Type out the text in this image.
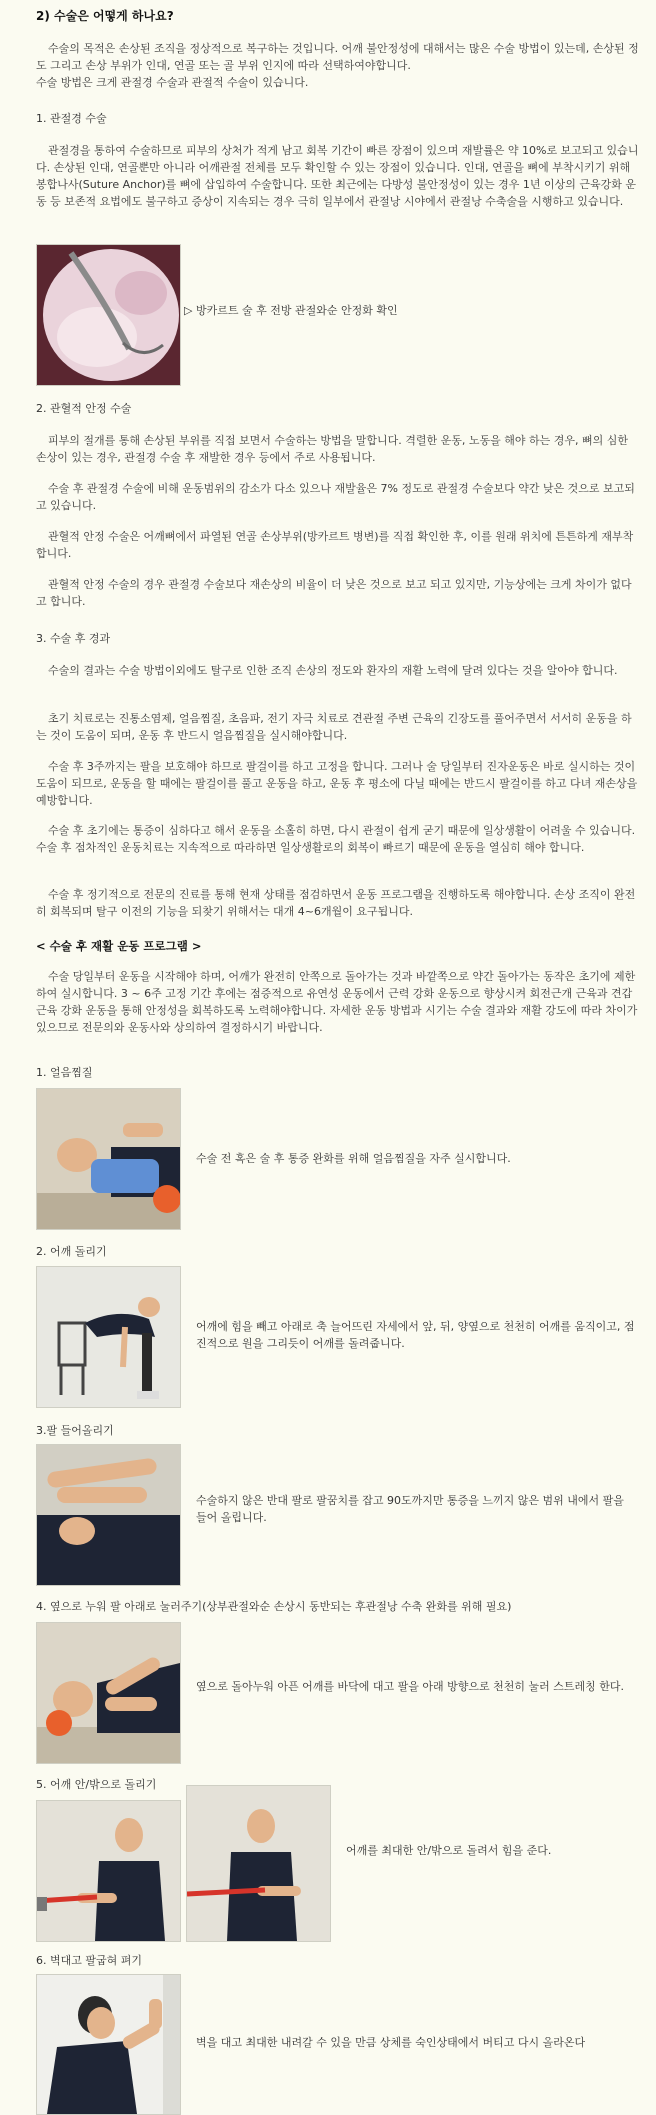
2) 수술은 어떻게 하나요?

수술의 목적은 손상된 조직을 정상적으로 복구하는 것입니다. 어깨 불안정성에 대해서는 많은 수술 방법이 있는데, 손상된 정도 그리고 손상 부위가 인대, 연골 또는 골 부위 인지에 따라 선택하여야합니다.

수술 방법은 크게 관절경 수술과 관절적 수술이 있습니다.

1. 관절경 수술

관절경을 통하여 수술하므로 피부의 상처가 적게 남고 회복 기간이 빠른 장점이 있으며 재발률은 약 10%로 보고되고 있습니다. 손상된 인대, 연골뿐만 아니라 어깨관절 전체를 모두 확인할 수 있는 장점이 있습니다. 인대, 연골을 뼈에 부착시키기 위해 봉합나사(Suture Anchor)를 뼈에 삽입하여 수술합니다. 또한 최근에는 다방성 불안정성이 있는 경우 1년 이상의 근육강화 운동 등 보존적 요법에도 불구하고 증상이 지속되는 경우 극히 일부에서 관절낭 시야에서 관절낭 수축술을 시행하고 있습니다.

▷ 방카르트 술 후 전방 관절와순 안정화 확인
2. 관혈적 안정 수술

피부의 절개를 통해 손상된 부위를 직접 보면서 수술하는 방법을 말합니다. 격렬한 운동, 노동을 해야 하는 경우, 뼈의 심한 손상이 있는 경우, 관절경 수술 후 재발한 경우 등에서 주로 사용됩니다.

수술 후 관절경 수술에 비해 운동범위의 감소가 다소 있으나 재발율은 7% 정도로 관절경 수술보다 약간 낮은 것으로 보고되고 있습니다.

관혈적 안정 수술은 어깨뼈에서 파열된 연골 손상부위(방카르트 병변)를 직접 확인한 후, 이를 원래 위치에 튼튼하게 재부착 합니다.

관혈적 안정 수술의 경우 관절경 수술보다 재손상의 비율이 더 낮은 것으로 보고 되고 있지만, 기능상에는 크게 차이가 없다고 합니다.

3. 수술 후 경과

수술의 결과는 수술 방법이외에도 탈구로 인한 조직 손상의 정도와 환자의 재활 노력에 달려 있다는 것을 알아야 합니다.

초기 치료로는 진통소염제, 얼음찜질, 초음파, 전기 자극 치료로 견관절 주변 근육의 긴장도를 풀어주면서 서서히 운동을 하는 것이 도움이 되며, 운동 후 반드시 얼음찜질을 실시해야합니다.

수술 후 3주까지는 팔을 보호해야 하므로 팔걸이를 하고 고정을 합니다. 그러나 술 당일부터 진자운동은 바로 실시하는 것이 도움이 되므로, 운동을 할 때에는 팔걸이를 풀고 운동을 하고, 운동 후 평소에 다닐 때에는 반드시 팔걸이를 하고 다녀 재손상을 예방합니다.

수술 후 초기에는 통증이 심하다고 해서 운동을 소홀히 하면, 다시 관절이 쉽게 굳기 때문에 일상생활이 어려울 수 있습니다. 수술 후 점차적인 운동치료는 지속적으로 따라하면 일상생활로의 회복이 빠르기 때문에 운동을 열심히 해야 합니다.

수술 후 정기적으로 전문의 진료를 통해 현재 상태를 점검하면서 운동 프로그램을 진행하도록 해야합니다. 손상 조직이 완전히 회복되며 탈구 이전의 기능을 되찾기 위해서는 대개 4~6개월이 요구됩니다.

< 수술 후 재활 운동 프로그램 >

수술 당일부터 운동을 시작해야 하며, 어깨가 완전히 안쪽으로 돌아가는 것과 바깥쪽으로 약간 돌아가는 동작은 초기에 제한하여 실시합니다. 3 ~ 6주 고정 기간 후에는 점증적으로 유연성 운동에서 근력 강화 운동으로 향상시켜 회전근개 근육과 견갑 근육 강화 운동을 통해 안정성을 회복하도록 노력해야합니다. 자세한 운동 방법과 시기는 수술 결과와 재활 강도에 따라 차이가 있으므로 전문의와 운동사와 상의하여 결정하시기 바랍니다.

1. 얼음찜질
수술 전 혹은 술 후 통증 완화를 위해 얼음찜질을 자주 실시합니다.
2. 어깨 돌리기
어깨에 힘을 빼고 아래로 축 늘어뜨린 자세에서 앞, 뒤, 양옆으로 천천히 어깨를 움직이고, 점진적으로 원을 그리듯이 어깨를 돌려줍니다.
3.팔 들어올리기
수술하지 않은 반대 팔로 팔꿈치를 잡고 90도까지만 통증을 느끼지 않은 범위 내에서 팔을 들어 올립니다.
4. 옆으로 누워 팔 아래로 눌러주기(상부관절와순 손상시 동반되는 후관절낭 수축 완화를 위해 필요)
옆으로 돌아누워 아픈 어깨를 바닥에 대고 팔을 아래 방향으로 천천히 눌러 스트레칭 한다.
5. 어깨 안/밖으로 돌리기
어깨를 최대한 안/밖으로 돌려서 힘을 준다.
6. 벽대고 팔굽혀 펴기
벽을 대고 최대한 내려갈 수 있을 만큼 상체를 숙인상태에서 버티고 다시 올라온다
